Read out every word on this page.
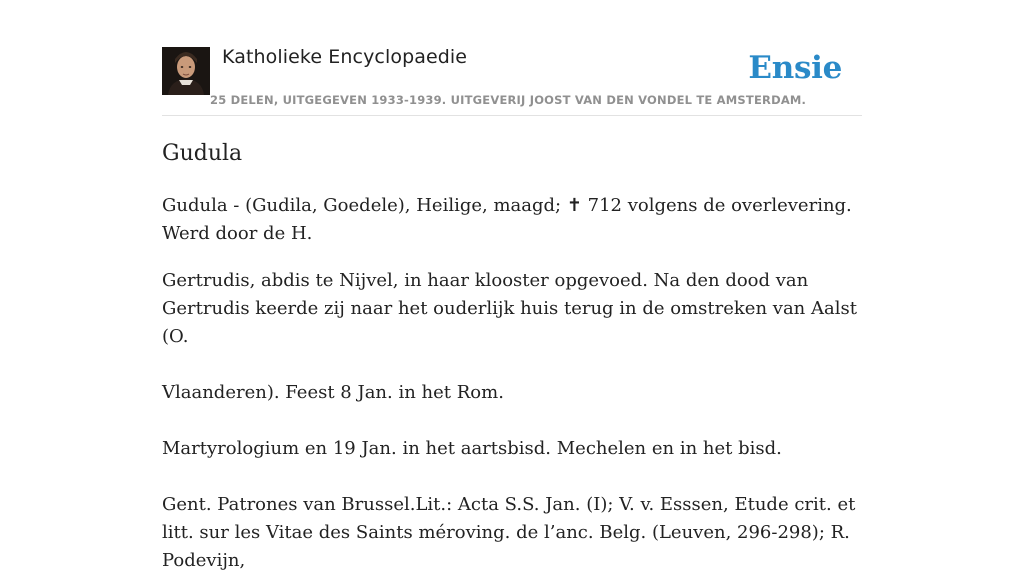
Katholieke Encyclopaedie	Ensie
25 DELEN, UITGEGEVEN 1933-1939. UITGEVERIJ JOOST VAN DEN VONDEL TE AMSTERDAM.
Gudula

Gudula - (Gudila, Goedele), Heilige, maagd; ✝ 712 volgens de overlevering. Werd door de H.

Gertrudis, abdis te Nijvel, in haar klooster opgevoed. Na den dood van Gertrudis keerde zij naar het ouderlijk huis terug in de omstreken van Aalst (O.

Vlaanderen). Feest 8 Jan. in het Rom.

Martyrologium en 19 Jan. in het aartsbisd. Mechelen en in het bisd.

Gent. Patrones van Brussel.Lit.: Acta S.S. Jan. (I); V. v. Esssen, Etude crit. et litt. sur les Vitae des Saints méroving. de l’anc. Belg. (Leuven, 296-298); R. Podevijn,
